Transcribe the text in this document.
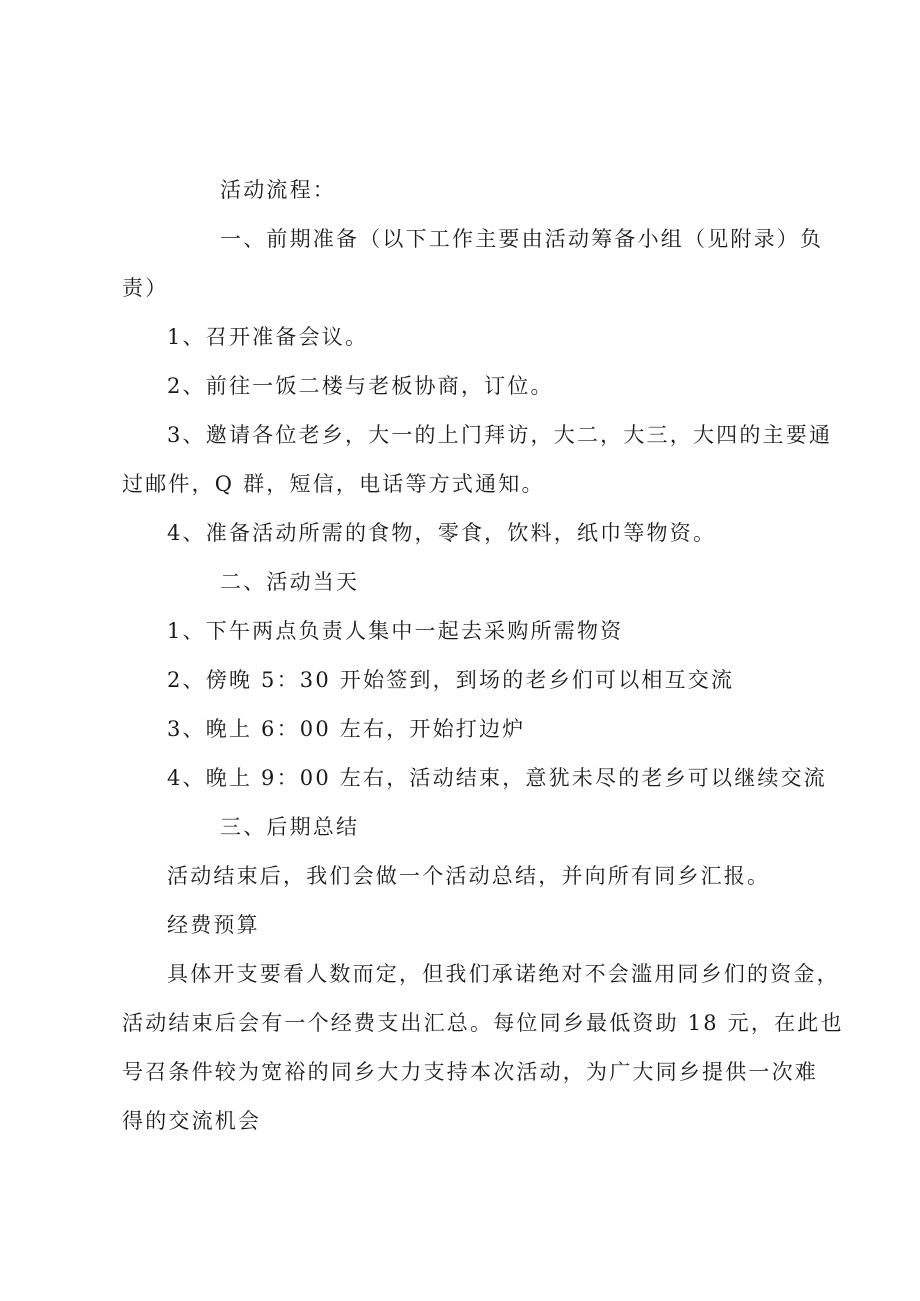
活动流程：
一、前期准备（以下工作主要由活动筹备小组（见附录）负
责）
1、召开准备会议。
2、前往一饭二楼与老板协商，订位。
3、邀请各位老乡，大一的上门拜访，大二，大三，大四的主要通
过邮件，Q 群，短信，电话等方式通知。
4、准备活动所需的食物，零食，饮料，纸巾等物资。
二、活动当天
1、下午两点负责人集中一起去采购所需物资
2、傍晚 5：30 开始签到，到场的老乡们可以相互交流
3、晚上 6：00 左右，开始打边炉
4、晚上 9：00 左右，活动结束，意犹未尽的老乡可以继续交流
三、后期总结
活动结束后，我们会做一个活动总结，并向所有同乡汇报。
经费预算
具体开支要看人数而定，但我们承诺绝对不会滥用同乡们的资金，
活动结束后会有一个经费支出汇总。每位同乡最低资助 18 元，在此也
号召条件较为宽裕的同乡大力支持本次活动，为广大同乡提供一次难
得的交流机会
